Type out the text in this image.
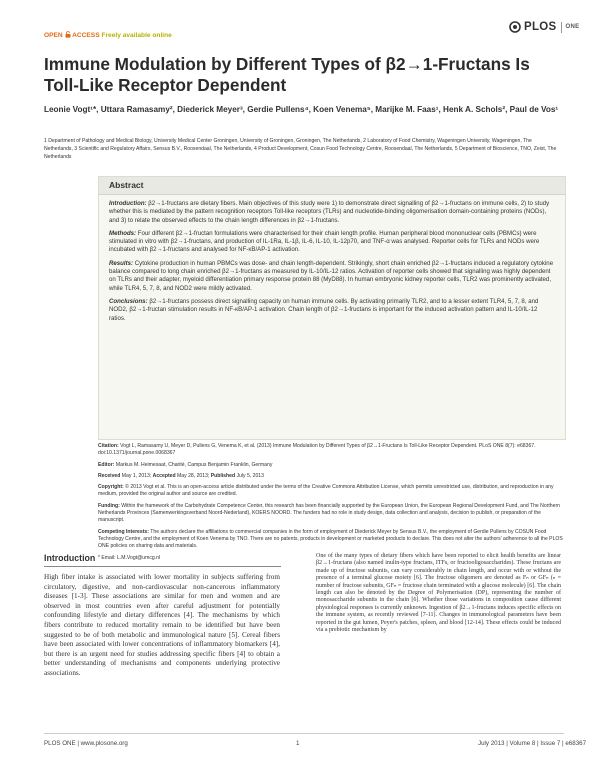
OPEN ACCESS Freely available online
PLOS ONE
Immune Modulation by Different Types of β2→1-Fructans Is Toll-Like Receptor Dependent
Leonie Vogt¹*, Uttara Ramasamy², Diederick Meyer³, Gerdie Pullens⁴, Koen Venema⁵, Marijke M. Faas¹, Henk A. Schols², Paul de Vos¹
1 Department of Pathology and Medical Biology, University Medical Center Groningen, University of Groningen, Groningen, The Netherlands, 2 Laboratory of Food Chemistry, Wageningen University, Wageningen, The Netherlands, 3 Scientific and Regulatory Affairs, Sensus B.V., Roosendaal, The Netherlands, 4 Product Development, Cosun Food Technology Centre, Roosendaal, The Netherlands, 5 Department of Bioscience, TNO, Zeist, The Netherlands
Abstract

Introduction: β2→1-fructans are dietary fibers. Main objectives of this study were 1) to demonstrate direct signalling of β2→1-fructans on immune cells, 2) to study whether this is mediated by the pattern recognition receptors Toll-like receptors (TLRs) and nucleotide-binding oligomerisation domain-containing proteins (NODs), and 3) to relate the observed effects to the chain length differences in β2→1-fructans.

Methods: Four different β2→1-fructan formulations were characterised for their chain length profile. Human peripheral blood mononuclear cells (PBMCs) were stimulated in vitro with β2→1-fructans, and production of IL-1Ra, IL-1β, IL-6, IL-10, IL-12p70, and TNF-α was analysed. Reporter cells for TLRs and NODs were incubated with β2→1-fructans and analysed for NF-κB/AP-1 activation.

Results: Cytokine production in human PBMCs was dose- and chain length-dependent. Strikingly, short chain enriched β2→1-fructans induced a regulatory cytokine balance compared to long chain enriched β2→1-fructans as measured by IL-10/IL-12 ratios. Activation of reporter cells showed that signalling was highly dependent on TLRs and their adapter, myeloid differentiation primary response protein 88 (MyD88). In human embryonic kidney reporter cells, TLR2 was prominently activated, while TLR4, 5, 7, 8, and NOD2 were mildly activated.

Conclusions: β2→1-fructans possess direct signalling capacity on human immune cells. By activating primarily TLR2, and to a lesser extent TLR4, 5, 7, 8, and NOD2, β2→1-fructan stimulation results in NF-κB/AP-1 activation. Chain length of β2→1-fructans is important for the induced activation pattern and IL-10/IL-12 ratios.

Citation: Vogt L, Ramasamy U, Meyer D, Pullens G, Venema K, et al. (2013) Immune Modulation by Different Types of β2→1-Fructans Is Toll-Like Receptor Dependent. PLoS ONE 8(7): e68367. doi:10.1371/journal.pone.0068367

Editor: Markus M. Heimesaat, Charité, Campus Benjamin Franklin, Germany

Received May 1, 2013; Accepted May 28, 2013; Published July 5, 2013

Copyright: © 2013 Vogt et al. This is an open-access article distributed under the terms of the Creative Commons Attribution License, which permits unrestricted use, distribution, and reproduction in any medium, provided the original author and source are credited.

Funding: Within the framework of the Carbohydrate Competence Center, this research has been financially supported by the European Union, the European Regional Development Fund, and The Northern Netherlands Provinces (Samenwerkingsverband Noord-Nederland), KOERS NOORD. The funders had no role in study design, data collection and analysis, decision to publish, or preparation of the manuscript.

Competing Interests: The authors declare the affiliations to commercial companies in the form of employment of Diederick Meyer by Sensus B.V., the employment of Gerdie Pullens by COSUN Food Technology Centre, and the employment of Koen Venema by TNO. There are no patents, products in development or marketed products to declare. This does not alter the authors' adherence to all the PLOS ONE policies on sharing data and materials.

* Email: L.M.Vogt@umcg.nl

Introduction
High fiber intake is associated with lower mortality in subjects suffering from circulatory, digestive, and non-cardiovascular non-cancerous inflammatory diseases [1-3]. These associations are similar for men and women and are observed in most countries even after careful adjustment for potentially confounding lifestyle and dietary differences [4]. The mechanisms by which fibers contribute to reduced mortality remain to be identified but have been suggested to be of both metabolic and immunological nature [5]. Cereal fibers have been associated with lower concentrations of inflammatory biomarkers [4], but there is an urgent need for studies addressing specific fibers [4] to obtain a better understanding of mechanisms and components underlying protective associations.
One of the many types of dietary fibers which have been reported to elicit health benefits are linear β2→1-fructans (also named inulin-type fructans, ITFs, or fructooligosaccharides). These fructans are made up of fructose subunits, can vary considerably in chain length, and occur with or without the presence of a terminal glucose moiety [6]. The fructose oligomers are denoted as Fₙ or GFₙ (ₙ = number of fructose subunits, GFₙ = fructose chain terminated with a glucose molecule) [6]. The chain length can also be denoted by the Degree of Polymerisation (DP), representing the number of monosaccharide subunits in the chain [6]. Whether those variations in composition cause different physiological responses is currently unknown. Ingestion of β2→1-fructans induces specific effects on the immune system, as recently reviewed [7-11]. Changes in immunological parameters have been reported in the gut lumen, Peyer's patches, spleen, and blood [12-14]. These effects could be induced via a prebiotic mechanism by
PLOS ONE | www.plosone.org	1	July 2013 | Volume 8 | Issue 7 | e68367
